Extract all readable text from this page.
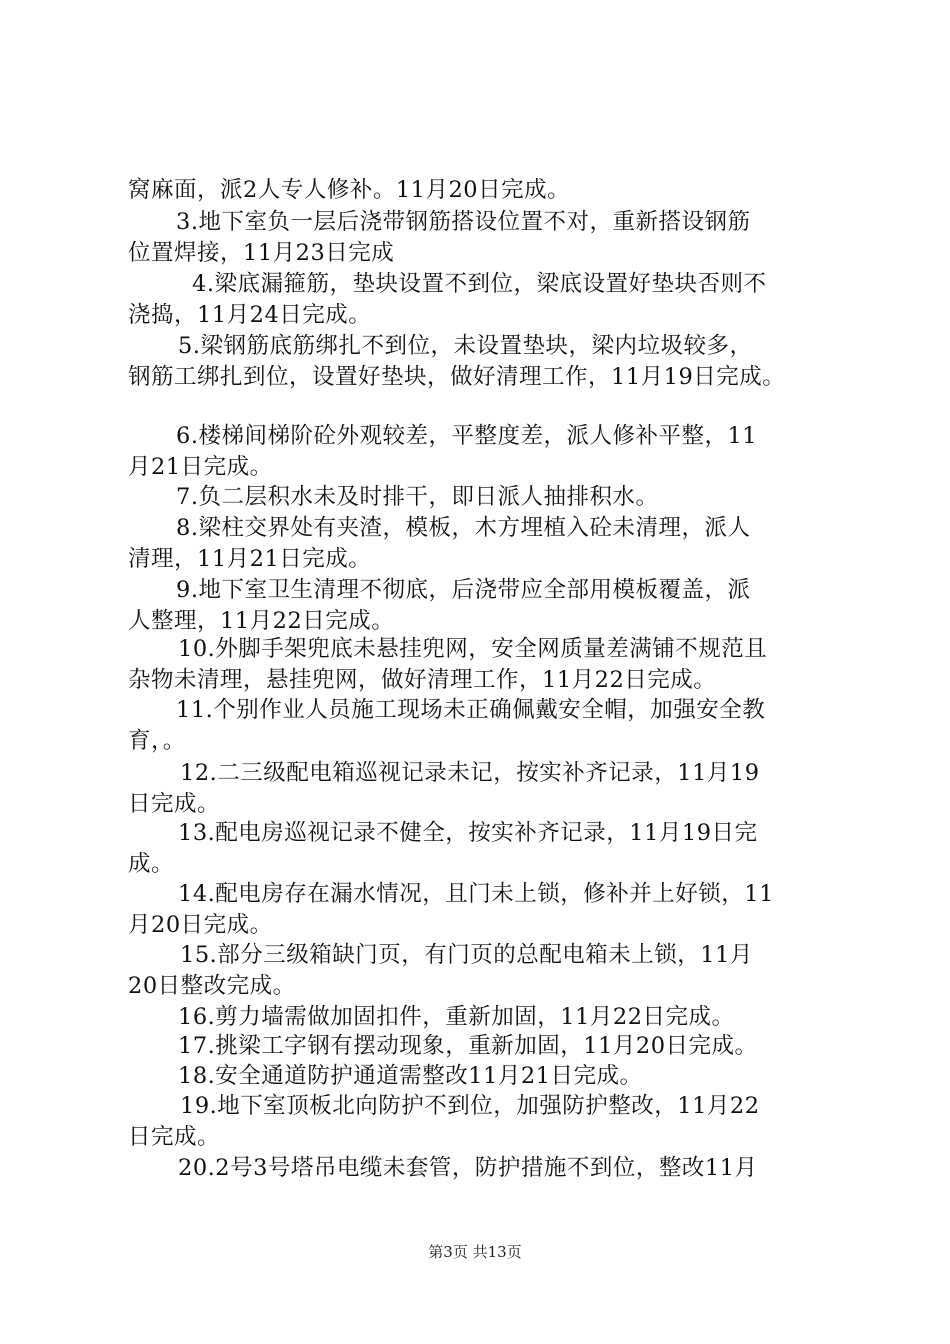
窝麻面，派2人专人修补。11月20日完成。
3.地下室负一层后浇带钢筋搭设位置不对，重新搭设钢筋
位置焊接，11月23日完成
4.梁底漏箍筋，垫块设置不到位，梁底设置好垫块否则不
浇捣，11月24日完成。
5.梁钢筋底筋绑扎不到位，未设置垫块，梁内垃圾较多，
钢筋工绑扎到位，设置好垫块，做好清理工作，11月19日完成。
6.楼梯间梯阶砼外观较差，平整度差，派人修补平整，11
月21日完成。
7.负二层积水未及时排干，即日派人抽排积水。
8.梁柱交界处有夹渣，模板，木方埋植入砼未清理，派人
清理，11月21日完成。
9.地下室卫生清理不彻底，后浇带应全部用模板覆盖，派
人整理，11月22日完成。
10.外脚手架兜底未悬挂兜网，安全网质量差满铺不规范且
杂物未清理，悬挂兜网，做好清理工作，11月22日完成。
11.个别作业人员施工现场未正确佩戴安全帽，加强安全教
育，。
12.二三级配电箱巡视记录未记，按实补齐记录，11月19
日完成。
13.配电房巡视记录不健全，按实补齐记录，11月19日完
成。
14.配电房存在漏水情况，且门未上锁，修补并上好锁，11
月20日完成。
15.部分三级箱缺门页，有门页的总配电箱未上锁，11月
20日整改完成。
16.剪力墙需做加固扣件，重新加固，11月22日完成。
17.挑梁工字钢有摆动现象，重新加固，11月20日完成。
18.安全通道防护通道需整改11月21日完成。
19.地下室顶板北向防护不到位，加强防护整改，11月22
日完成。
20.2号3号塔吊电缆未套管，防护措施不到位，整改11月
第3页 共13页
